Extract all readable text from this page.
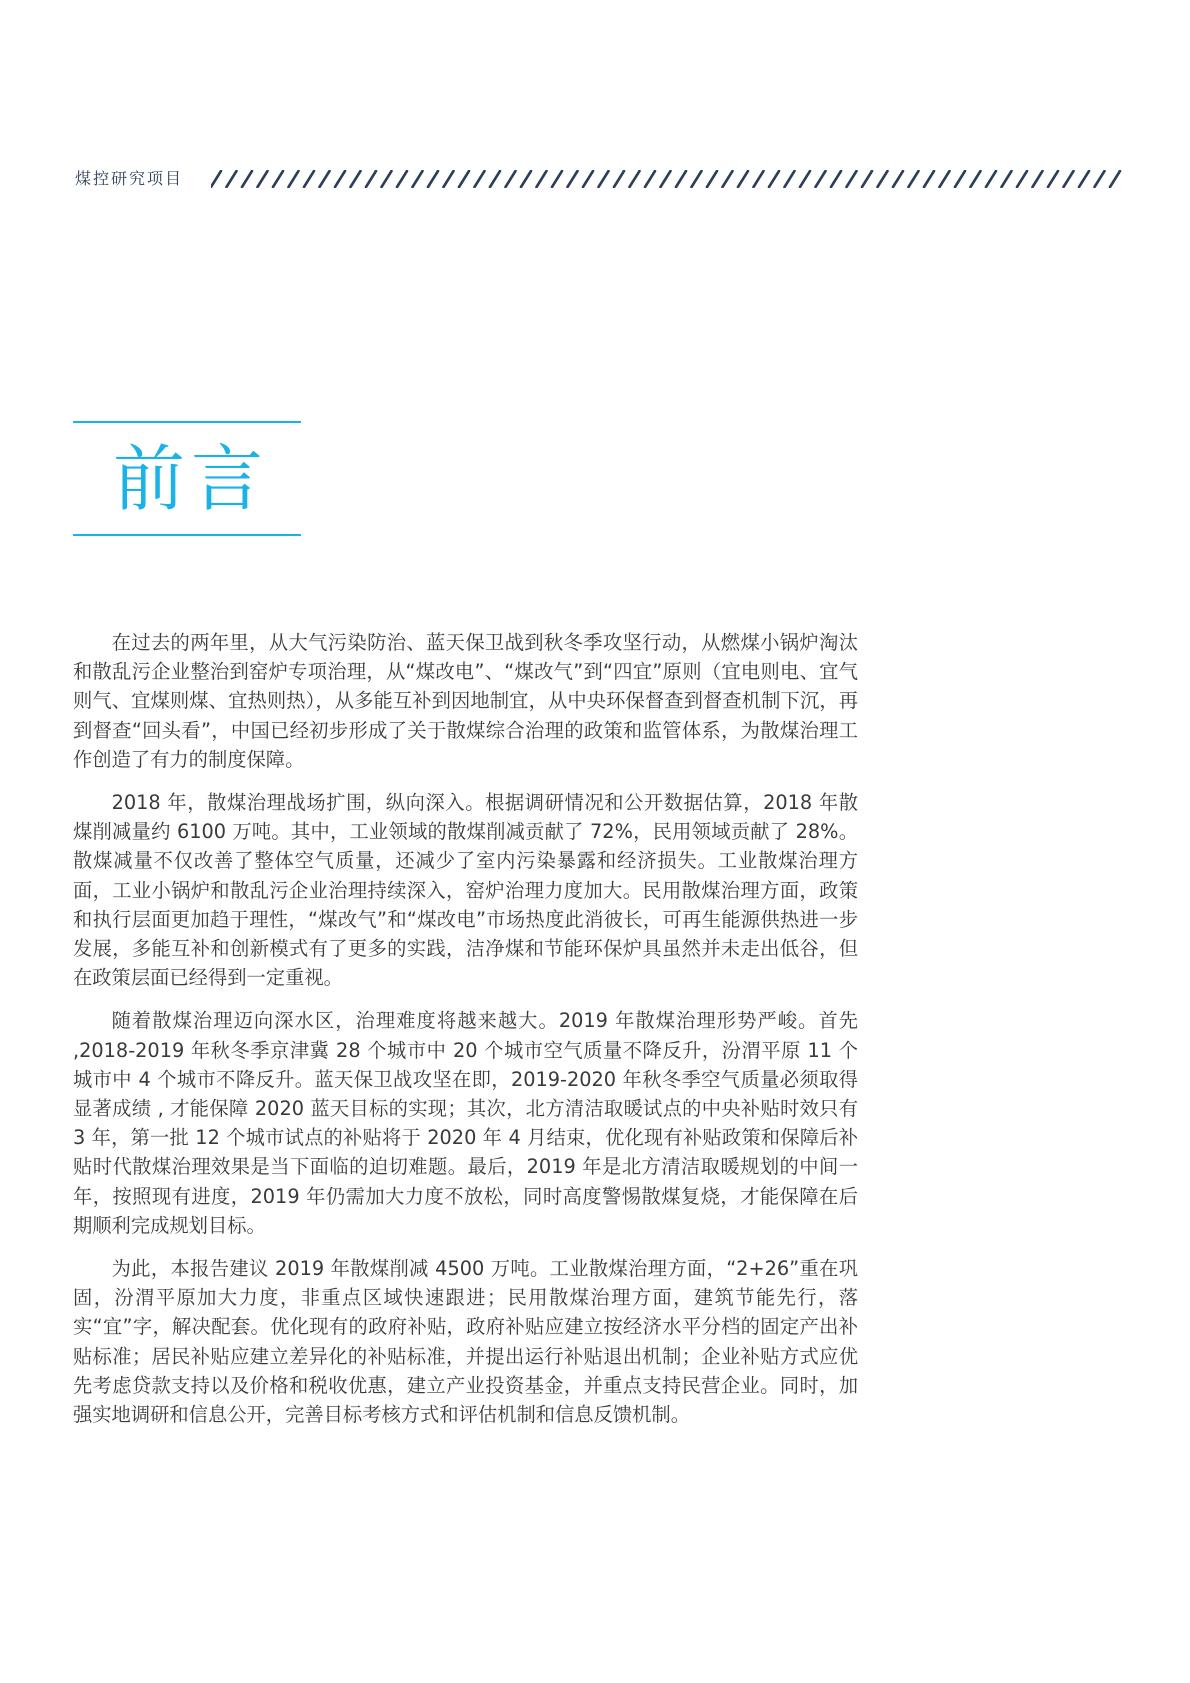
煤控研究项目
前言

在过去的两年里，从大气污染防治、蓝天保卫战到秋冬季攻坚行动，从燃煤小锅炉淘汰和散乱污企业整治到窑炉专项治理，从“煤改电”、“煤改气”到“四宜”原则（宜电则电、宜气则气、宜煤则煤、宜热则热），从多能互补到因地制宜，从中央环保督查到督查机制下沉，再到督查“回头看”，中国已经初步形成了关于散煤综合治理的政策和监管体系，为散煤治理工作创造了有力的制度保障。

2018 年，散煤治理战场扩围，纵向深入。根据调研情况和公开数据估算，2018 年散煤削减量约 6100 万吨。其中，工业领域的散煤削减贡献了 72%，民用领域贡献了 28%。散煤减量不仅改善了整体空气质量，还减少了室内污染暴露和经济损失。工业散煤治理方面，工业小锅炉和散乱污企业治理持续深入，窑炉治理力度加大。民用散煤治理方面，政策和执行层面更加趋于理性，“煤改气”和“煤改电”市场热度此消彼长，可再生能源供热进一步发展，多能互补和创新模式有了更多的实践，洁净煤和节能环保炉具虽然并未走出低谷，但在政策层面已经得到一定重视。

随着散煤治理迈向深水区，治理难度将越来越大。2019 年散煤治理形势严峻。首先 ,2018-2019 年秋冬季京津冀 28 个城市中 20 个城市空气质量不降反升，汾渭平原 11 个城市中 4 个城市不降反升。蓝天保卫战攻坚在即，2019-2020 年秋冬季空气质量必须取得显著成绩 , 才能保障 2020 蓝天目标的实现；其次，北方清洁取暖试点的中央补贴时效只有 3 年，第一批 12 个城市试点的补贴将于 2020 年 4 月结束，优化现有补贴政策和保障后补贴时代散煤治理效果是当下面临的迫切难题。最后，2019 年是北方清洁取暖规划的中间一年，按照现有进度，2019 年仍需加大力度不放松，同时高度警惕散煤复烧，才能保障在后期顺利完成规划目标。

为此，本报告建议 2019 年散煤削减 4500 万吨。工业散煤治理方面，“2+26”重在巩固，汾渭平原加大力度，非重点区域快速跟进；民用散煤治理方面，建筑节能先行，落实“宜”字，解决配套。优化现有的政府补贴，政府补贴应建立按经济水平分档的固定产出补贴标准；居民补贴应建立差异化的补贴标准，并提出运行补贴退出机制；企业补贴方式应优先考虑贷款支持以及价格和税收优惠，建立产业投资基金，并重点支持民营企业。同时，加强实地调研和信息公开，完善目标考核方式和评估机制和信息反馈机制。
